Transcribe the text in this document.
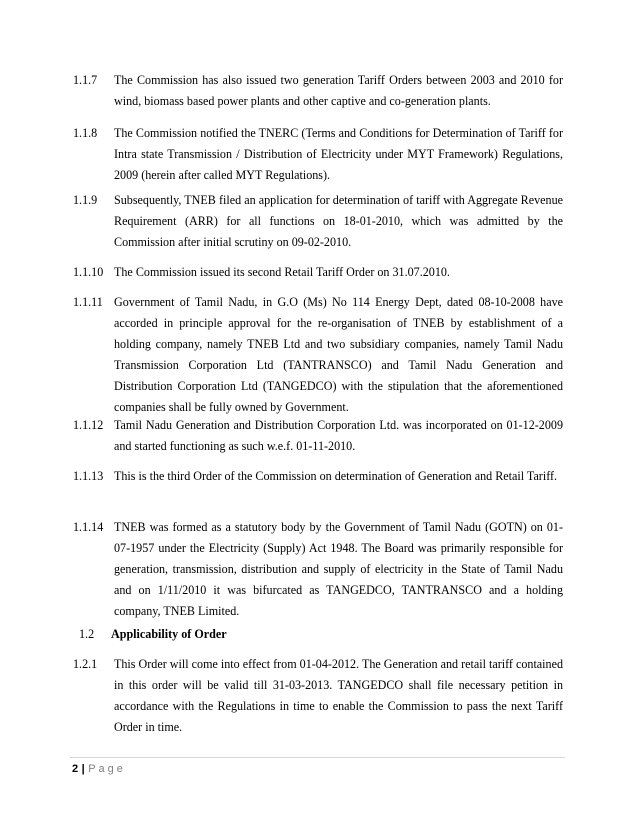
1.1.7 The Commission has also issued two generation Tariff Orders between 2003 and 2010 for wind, biomass based power plants and other captive and co-generation plants.
1.1.8 The Commission notified the TNERC (Terms and Conditions for Determination of Tariff for Intra state Transmission / Distribution of Electricity under MYT Framework) Regulations, 2009 (herein after called MYT Regulations).
1.1.9 Subsequently, TNEB filed an application for determination of tariff with Aggregate Revenue Requirement (ARR) for all functions on 18-01-2010, which was admitted by the Commission after initial scrutiny on 09-02-2010.
1.1.10 The Commission issued its second Retail Tariff Order on 31.07.2010.
1.1.11 Government of Tamil Nadu, in G.O (Ms) No 114 Energy Dept, dated 08-10-2008 have accorded in principle approval for the re-organisation of TNEB by establishment of a holding company, namely TNEB Ltd and two subsidiary companies, namely Tamil Nadu Transmission Corporation Ltd (TANTRANSCO) and Tamil Nadu Generation and Distribution Corporation Ltd (TANGEDCO) with the stipulation that the aforementioned companies shall be fully owned by Government.
1.1.12 Tamil Nadu Generation and Distribution Corporation Ltd. was incorporated on 01-12-2009 and started functioning as such w.e.f. 01-11-2010.
1.1.13 This is the third Order of the Commission on determination of Generation and Retail Tariff.
1.1.14 TNEB was formed as a statutory body by the Government of Tamil Nadu (GOTN) on 01-07-1957 under the Electricity (Supply) Act 1948. The Board was primarily responsible for generation, transmission, distribution and supply of electricity in the State of Tamil Nadu and on 1/11/2010 it was bifurcated as TANGEDCO, TANTRANSCO and a holding company, TNEB Limited.
1.2 Applicability of Order
1.2.1 This Order will come into effect from 01-04-2012. The Generation and retail tariff contained in this order will be valid till 31-03-2013. TANGEDCO shall file necessary petition in accordance with the Regulations in time to enable the Commission to pass the next Tariff Order in time.
2 | Page
